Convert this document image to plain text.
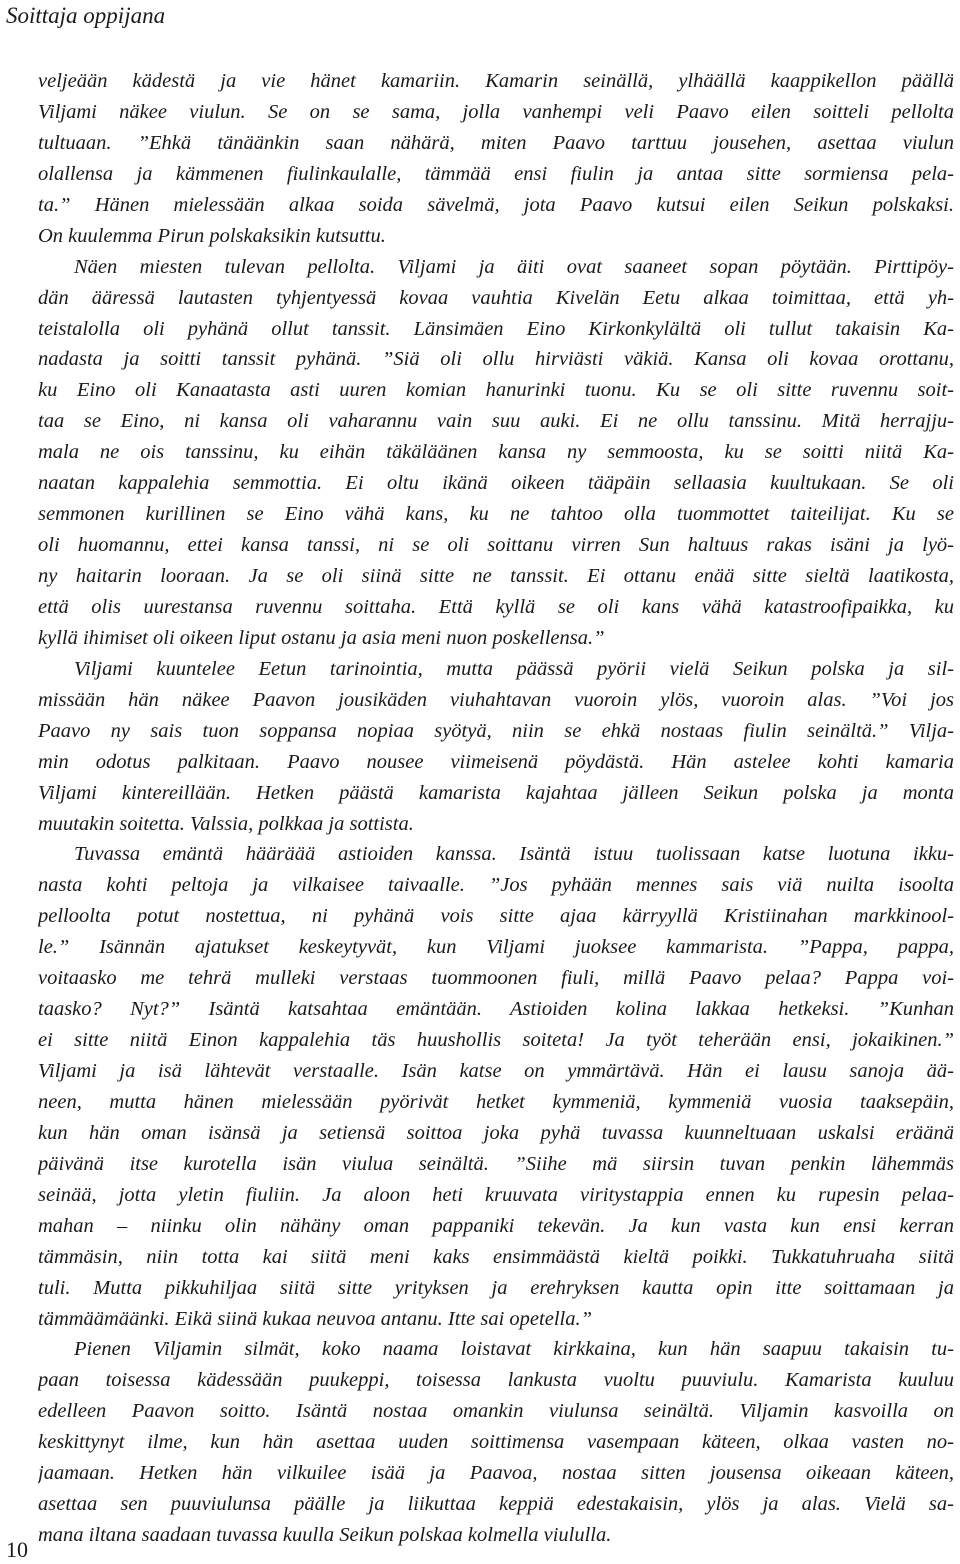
Soittaja oppijana
veljeään kädestä ja vie hänet kamariin. Kamarin seinällä, ylhäällä kaappikellon päällä
Viljami näkee viulun. Se on se sama, jolla vanhempi veli Paavo eilen soitteli pellolta
tultuaan. ”Ehkä tänäänkin saan nähärä, miten Paavo tarttuu jousehen, asettaa viulun
olallensa ja kämmenen fiulinkaulalle, tämmää ensi fiulin ja antaa sitte sormiensa pela-
ta.” Hänen mielessään alkaa soida sävelmä, jota Paavo kutsui eilen Seikun polskaksi.
On kuulemma Pirun polskaksikin kutsuttu.
Näen miesten tulevan pellolta. Viljami ja äiti ovat saaneet sopan pöytään. Pirttipöy-
dän ääressä lautasten tyhjentyessä kovaa vauhtia Kivelän Eetu alkaa toimittaa, että yh-
teistalolla oli pyhänä ollut tanssit. Länsimäen Eino Kirkonkylältä oli tullut takaisin Ka-
nadasta ja soitti tanssit pyhänä. ”Siä oli ollu hirviästi väkiä. Kansa oli kovaa orottanu,
ku Eino oli Kanaatasta asti uuren komian hanurinki tuonu. Ku se oli sitte ruvennu soit-
taa se Eino, ni kansa oli vaharannu vain suu auki. Ei ne ollu tanssinu. Mitä herrajju-
mala ne ois tanssinu, ku eihän täkäläänen kansa ny semmoosta, ku se soitti niitä Ka-
naatan kappalehia semmottia. Ei oltu ikänä oikeen tääpäin sellaasia kuultukaan. Se oli
semmonen kurillinen se Eino vähä kans, ku ne tahtoo olla tuommottet taiteilijat. Ku se
oli huomannu, ettei kansa tanssi, ni se oli soittanu virren Sun haltuus rakas isäni ja lyö-
ny haitarin looraan. Ja se oli siinä sitte ne tanssit. Ei ottanu enää sitte sieltä laatikosta,
että olis uurestansa ruvennu soittaha. Että kyllä se oli kans vähä katastroofipaikka, ku
kyllä ihimiset oli oikeen liput ostanu ja asia meni nuon poskellensa.”
Viljami kuuntelee Eetun tarinointia, mutta päässä pyörii vielä Seikun polska ja sil-
missään hän näkee Paavon jousikäden viuhahtavan vuoroin ylös, vuoroin alas. ”Voi jos
Paavo ny sais tuon soppansa nopiaa syötyä, niin se ehkä nostaas fiulin seinältä.” Vilja-
min odotus palkitaan. Paavo nousee viimeisenä pöydästä. Hän astelee kohti kamaria
Viljami kintereillään. Hetken päästä kamarista kajahtaa jälleen Seikun polska ja monta
muutakin soitetta. Valssia, polkkaa ja sottista.
Tuvassa emäntä hääräää astioiden kanssa. Isäntä istuu tuolissaan katse luotuna ikku-
nasta kohti peltoja ja vilkaisee taivaalle. ”Jos pyhään mennes sais viä nuilta isoolta
pelloolta potut nostettua, ni pyhänä vois sitte ajaa kärryyllä Kristiinahan markkinool-
le.” Isännän ajatukset keskeytyvät, kun Viljami juoksee kammarista. ”Pappa, pappa,
voitaasko me tehrä mulleki verstaas tuommoonen fiuli, millä Paavo pelaa? Pappa voi-
taasko? Nyt?” Isäntä katsahtaa emäntään. Astioiden kolina lakkaa hetkeksi. ”Kunhan
ei sitte niitä Einon kappalehia täs huushollis soiteta! Ja työt teherään ensi, jokaikinen.”
Viljami ja isä lähtevät verstaalle. Isän katse on ymmärtävä. Hän ei lausu sanoja ää-
neen, mutta hänen mielessään pyörivät hetket kymmeniä, kymmeniä vuosia taaksepäin,
kun hän oman isänsä ja setiensä soittoa joka pyhä tuvassa kuunneltuaan uskalsi eräänä
päivänä itse kurotella isän viulua seinältä. ”Siihe mä siirsin tuvan penkin lähemmäs
seinää, jotta yletin fiuliin. Ja aloon heti kruuvata viritystappia ennen ku rupesin pelaa-
mahan – niinku olin nähäny oman pappaniki tekevän. Ja kun vasta kun ensi kerran
tämmäsin, niin totta kai siitä meni kaks ensimmäästä kieltä poikki. Tukkatuhruaha siitä
tuli. Mutta pikkuhiljaa siitä sitte yrityksen ja erehryksen kautta opin itte soittamaan ja
tämmäämäänki. Eikä siinä kukaa neuvoa antanu. Itte sai opetella.”
Pienen Viljamin silmät, koko naama loistavat kirkkaina, kun hän saapuu takaisin tu-
paan toisessa kädessään puukeppi, toisessa lankusta vuoltu puuviulu. Kamarista kuuluu
edelleen Paavon soitto. Isäntä nostaa omankin viulunsa seinältä. Viljamin kasvoilla on
keskittynyt ilme, kun hän asettaa uuden soittimensa vasempaan käteen, olkaa vasten no-
jaamaan. Hetken hän vilkuilee isää ja Paavoa, nostaa sitten jousensa oikeaan käteen,
asettaa sen puuviulunsa päälle ja liikuttaa keppiä edestakaisin, ylös ja alas. Vielä sa-
mana iltana saadaan tuvassa kuulla Seikun polskaa kolmella viululla.
10
